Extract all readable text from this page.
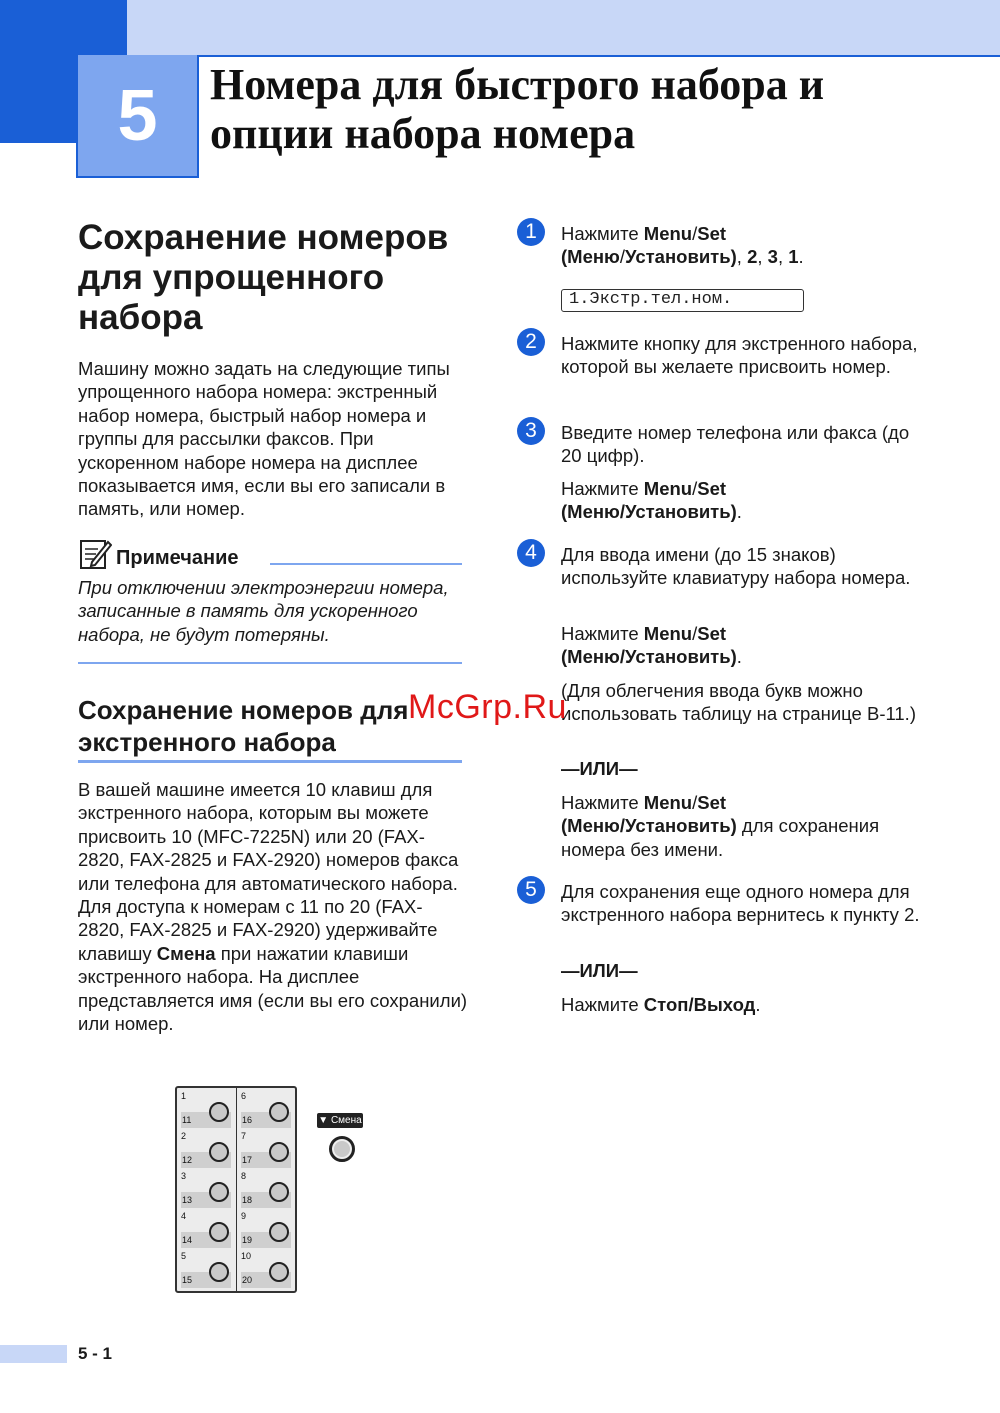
5 Номера для быстрого набора и
опции набора номера
Сохранение номеров
для упрощенного
набора
Машину можно задать на следующие типы упрощенного набора номера: экстренный набор номера, быстрый набор номера и группы для рассылки факсов. При ускоренном наборе номера на дисплее показывается имя, если вы его записали в память, или номер.
Примечание
При отключении электроэнергии номера, записанные в память для ускоренного набора, не будут потеряны.
Сохранение номеров для
экстренного набора
В вашей машине имеется 10 клавиш для экстренного набора, которым вы можете присвоить 10 (MFC-7225N) или 20 (FAX-2820, FAX-2825 и FAX-2920) номеров факса или телефона для автоматического набора. Для доступа к номерам с 11 по 20 (FAX-2820, FAX-2825 и FAX-2920) удерживайте клавишу Смена при нажатии клавиши экстренного набора. На дисплее представляется имя (если вы его сохранили) или номер.
1
11
6
16
2
12
7
17
3
13
8
18
4
14
9
19
5
15
10
20
▼ Смена
1	Нажмите Menu/Set
(Меню/Установить), 2, 3, 1.
1.Экстр.тел.ном.
2	Нажмите кнопку для экстренного набора, которой вы желаете присвоить номер.
3	Введите номер телефона или факса (до 20 цифр).
Нажмите Menu/Set
(Меню/Установить).
4	Для ввода имени (до 15 знаков) используйте клавиатуру набора номера.
Нажмите Menu/Set
(Меню/Установить).
(Для облегчения ввода букв можно использовать таблицу на странице B-11.)
—ИЛИ—
Нажмите Menu/Set
(Меню/Установить) для сохранения номера без имени.
5	Для сохранения еще одного номера для экстренного набора вернитесь к пункту 2.
—ИЛИ—
Нажмите Стоп/Выход.
McGrp.Ru
5 - 1
